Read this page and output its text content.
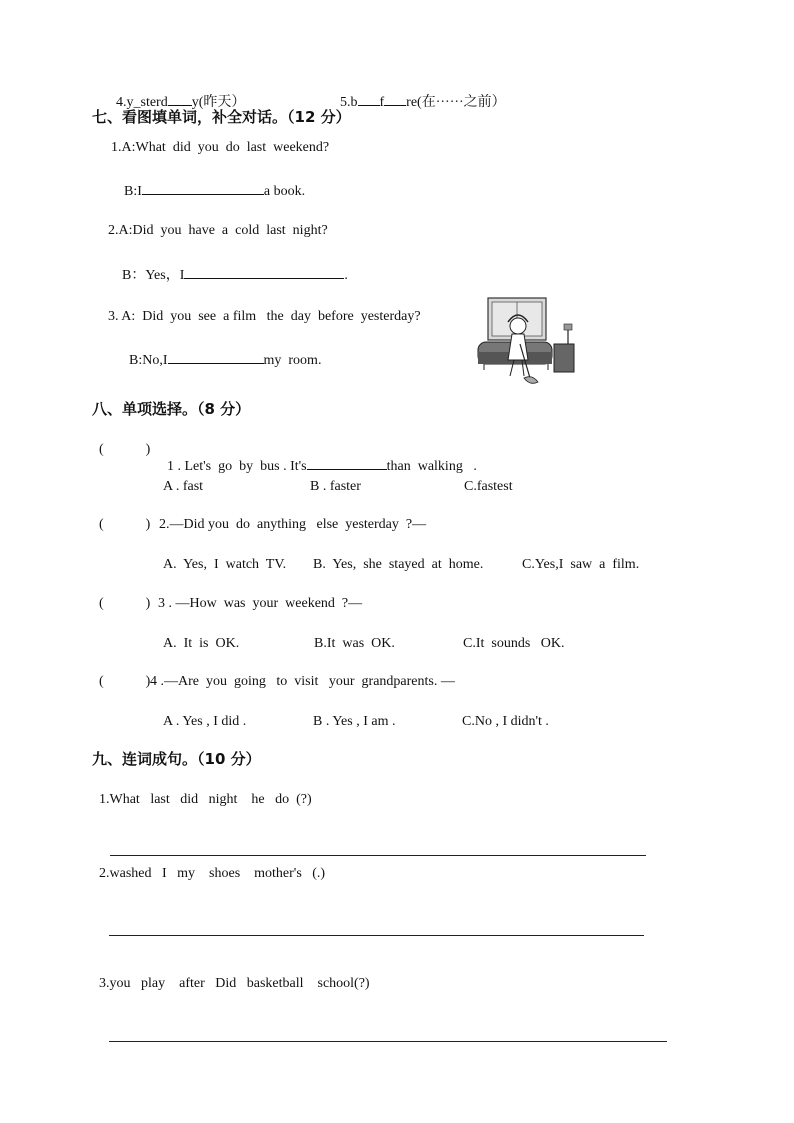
4.y_sterd y(昨天）	5.b f re(在······之前）

七、看图填单词，补全对话。（12 分）
1.A:What  did  you  do  last  weekend?

B:I	a book.

2.A:Did  you  have  a  cold  last  night?

B：Yes，I	.

3. A:  Did  you  see  a film   the  day  before  yesterday?

B:No,I	my  room.

八、单项选择。（8 分）
(            )

1 . Let's  go  by  bus . It's	than  walking   .

A . fast	B . faster	C.fastest
(            ) 2.—Did you  do  anything   else  yesterday  ?—
A.  Yes,  I  watch  TV. B.  Yes,  she  stayed  at  home.	C.Yes,I  saw  a  film.
(            ) 3 . —How  was  your  weekend  ?—
A.  It  is  OK.	B.It  was  OK.	C.It  sounds   OK.
(            ) 4 .—Are  you  going   to  visit   your  grandparents. —
A . Yes , I did .	B . Yes , I am .	C.No , I didn't .
九、连词成句。（10 分）
1.What   last   did   night    he   do  (?)
2.washed   I   my    shoes    mother's   (.)
3.you   play    after   Did   basketball    school(?)
